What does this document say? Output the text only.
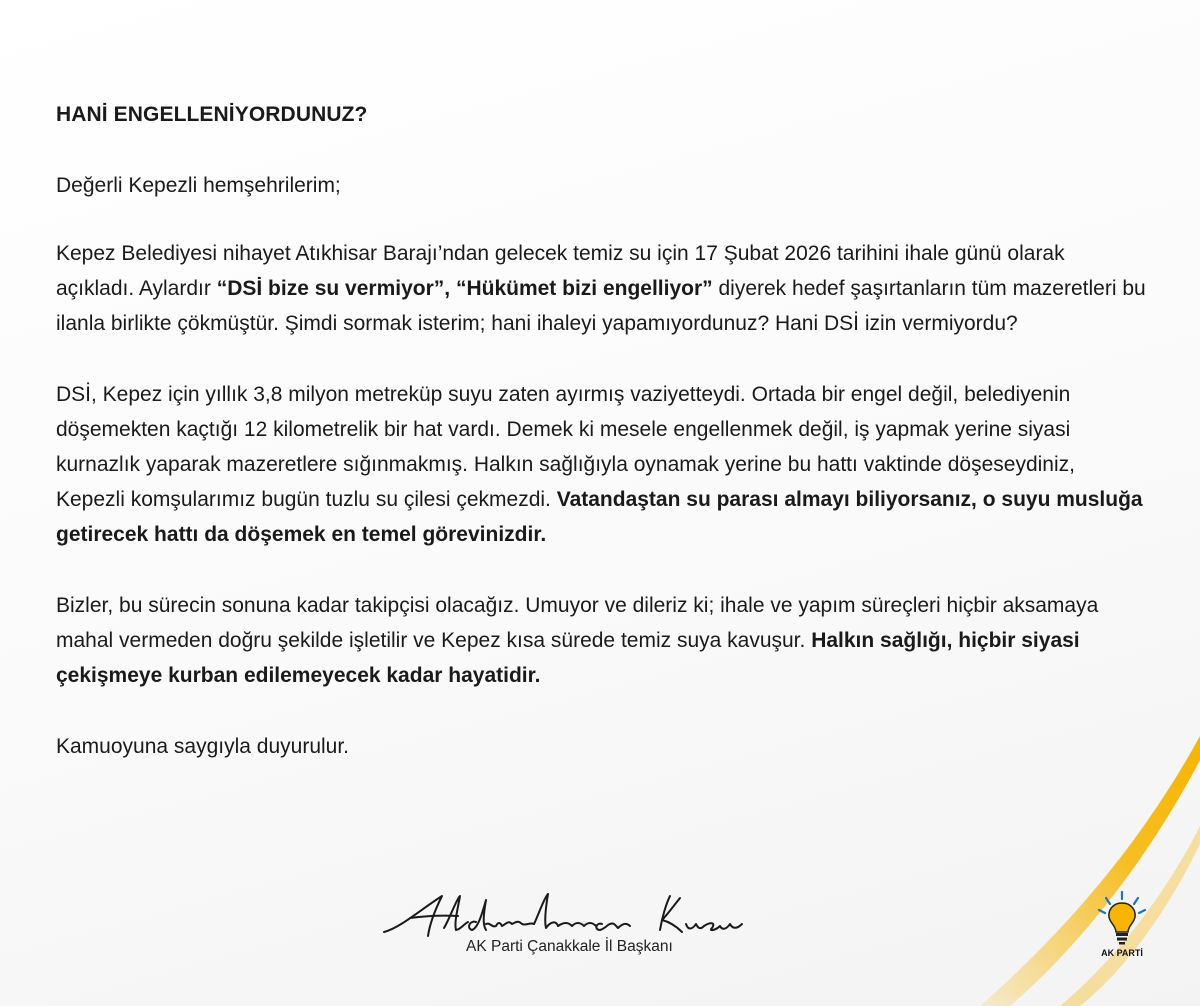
HANİ ENGELLENİYORDUNUZ?

Değerli Kepezli hemşehrilerim;

Kepez Belediyesi nihayet Atıkhisar Barajı’ndan gelecek temiz su için 17 Şubat 2026 tarihini ihale günü olarak açıkladı. Aylardır “DSİ bize su vermiyor”, “Hükümet bizi engelliyor” diyerek hedef şaşırtanların tüm mazeretleri bu ilanla birlikte çökmüştür. Şimdi sormak isterim; hani ihaleyi yapamıyordunuz? Hani DSİ izin vermiyordu?

DSİ, Kepez için yıllık 3,8 milyon metreküp suyu zaten ayırmış vaziyetteydi. Ortada bir engel değil, belediyenin döşemekten kaçtığı 12 kilometrelik bir hat vardı. Demek ki mesele engellenmek değil, iş yapmak yerine siyasi kurnazlık yaparak mazeretlere sığınmakmış. Halkın sağlığıyla oynamak yerine bu hattı vaktinde döşeseydiniz, Kepezli komşularımız bugün tuzlu su çilesi çekmezdi. Vatandaştan su parası almayı biliyorsanız, o suyu musluğa getirecek hattı da döşemek en temel görevinizdir.

Bizler, bu sürecin sonuna kadar takipçisi olacağız. Umuyor ve dileriz ki; ihale ve yapım süreçleri hiçbir aksamaya mahal vermeden doğru şekilde işletilir ve Kepez kısa sürede temiz suya kavuşur. Halkın sağlığı, hiçbir siyasi çekişmeye kurban edilemeyecek kadar hayatidir.

Kamuoyuna saygıyla duyurulur.

AK Parti Çanakkale İl Başkanı	AK PARTİ
